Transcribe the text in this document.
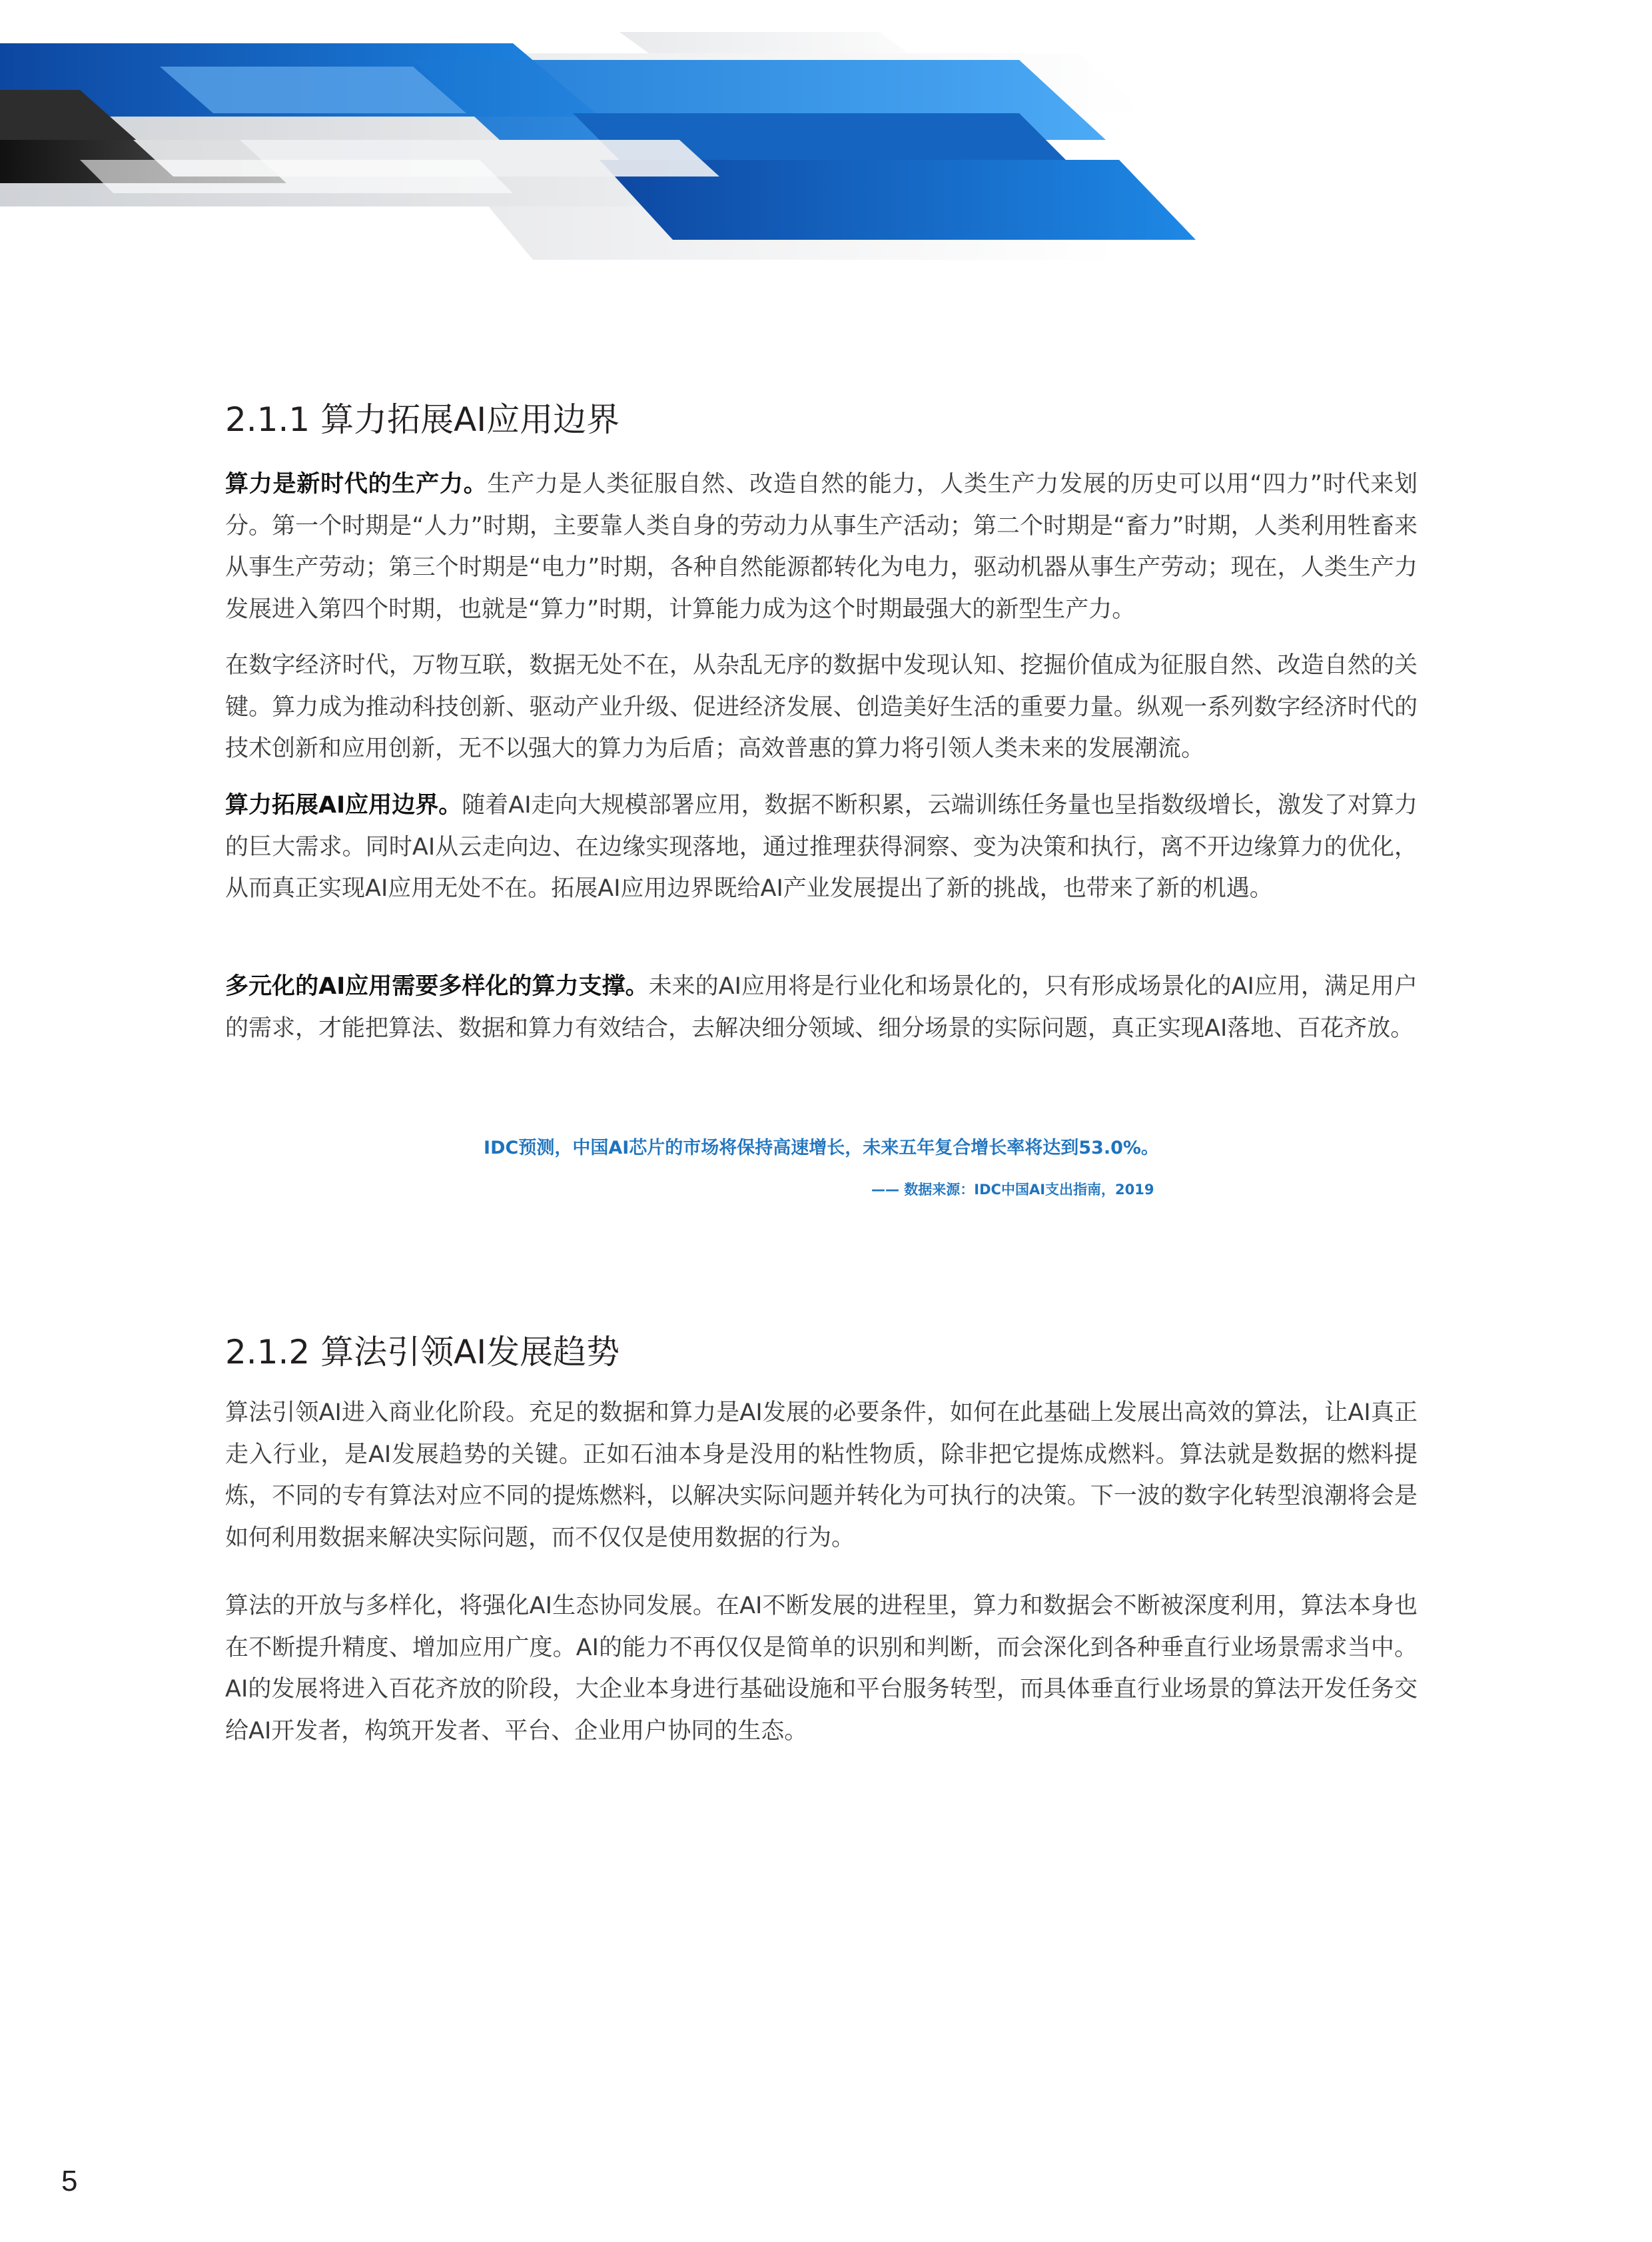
2.1.1 算力拓展AI应用边界

算力是新时代的生产力。生产力是人类征服自然、改造自然的能力，人类生产力发展的历史可以用“四力”时代来划分。第一个时期是“人力”时期，主要靠人类自身的劳动力从事生产活动；第二个时期是“畜力”时期，人类利用牲畜来从事生产劳动；第三个时期是“电力”时期，各种自然能源都转化为电力，驱动机器从事生产劳动；现在，人类生产力发展进入第四个时期，也就是“算力”时期，计算能力成为这个时期最强大的新型生产力。

在数字经济时代，万物互联，数据无处不在，从杂乱无序的数据中发现认知、挖掘价值成为征服自然、改造自然的关键。算力成为推动科技创新、驱动产业升级、促进经济发展、创造美好生活的重要力量。纵观一系列数字经济时代的技术创新和应用创新，无不以强大的算力为后盾；高效普惠的算力将引领人类未来的发展潮流。

算力拓展AI应用边界。随着AI走向大规模部署应用，数据不断积累，云端训练任务量也呈指数级增长，激发了对算力的巨大需求。同时AI从云走向边、在边缘实现落地，通过推理获得洞察、变为决策和执行，离不开边缘算力的优化，从而真正实现AI应用无处不在。拓展AI应用边界既给AI产业发展提出了新的挑战，也带来了新的机遇。

多元化的AI应用需要多样化的算力支撑。未来的AI应用将是行业化和场景化的，只有形成场景化的AI应用，满足用户的需求，才能把算法、数据和算力有效结合，去解决细分领域、细分场景的实际问题，真正实现AI落地、百花齐放。

IDC预测，中国AI芯片的市场将保持高速增长，未来五年复合增长率将达到53.0%。
—— 数据来源：IDC中国AI支出指南，2019
2.1.2 算法引领AI发展趋势

算法引领AI进入商业化阶段。充足的数据和算力是AI发展的必要条件，如何在此基础上发展出高效的算法，让AI真正走入行业，是AI发展趋势的关键。正如石油本身是没用的粘性物质，除非把它提炼成燃料。算法就是数据的燃料提炼，不同的专有算法对应不同的提炼燃料，以解决实际问题并转化为可执行的决策。下一波的数字化转型浪潮将会是如何利用数据来解决实际问题，而不仅仅是使用数据的行为。

算法的开放与多样化，将强化AI生态协同发展。在AI不断发展的进程里，算力和数据会不断被深度利用，算法本身也在不断提升精度、增加应用广度。AI的能力不再仅仅是简单的识别和判断，而会深化到各种垂直行业场景需求当中。AI的发展将进入百花齐放的阶段，大企业本身进行基础设施和平台服务转型，而具体垂直行业场景的算法开发任务交给AI开发者，构筑开发者、平台、企业用户协同的生态。

5
